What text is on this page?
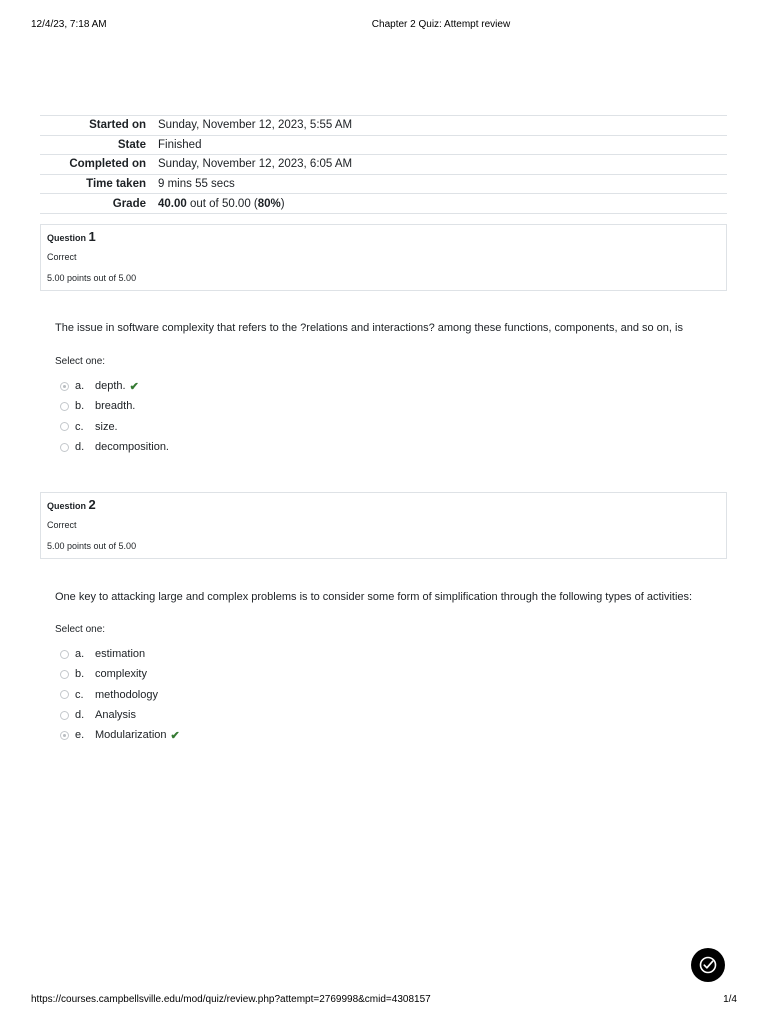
12/4/23, 7:18 AM	Chapter 2 Quiz: Attempt review
Started on	Sunday, November 12, 2023, 5:55 AM
State	Finished
Completed on	Sunday, November 12, 2023, 6:05 AM
Time taken	9 mins 55 secs
Grade	40.00 out of 50.00 (80%)
Question 1
Correct
5.00 points out of 5.00
The issue in software complexity that refers to the ?relations and interactions? among these functions, components, and so on, is
Select one:
a. depth. ✔
b. breadth.
c.	size.
d. decomposition.
Question 2
Correct
5.00 points out of 5.00
One key to attacking large and complex problems is to consider some form of simplification through the following types of activities:
Select one:
a. estimation
b. complexity
c.	methodology
d. Analysis
e. Modularization ✔
https://courses.campbellsville.edu/mod/quiz/review.php?attempt=2769998&cmid=4308157	1/4
